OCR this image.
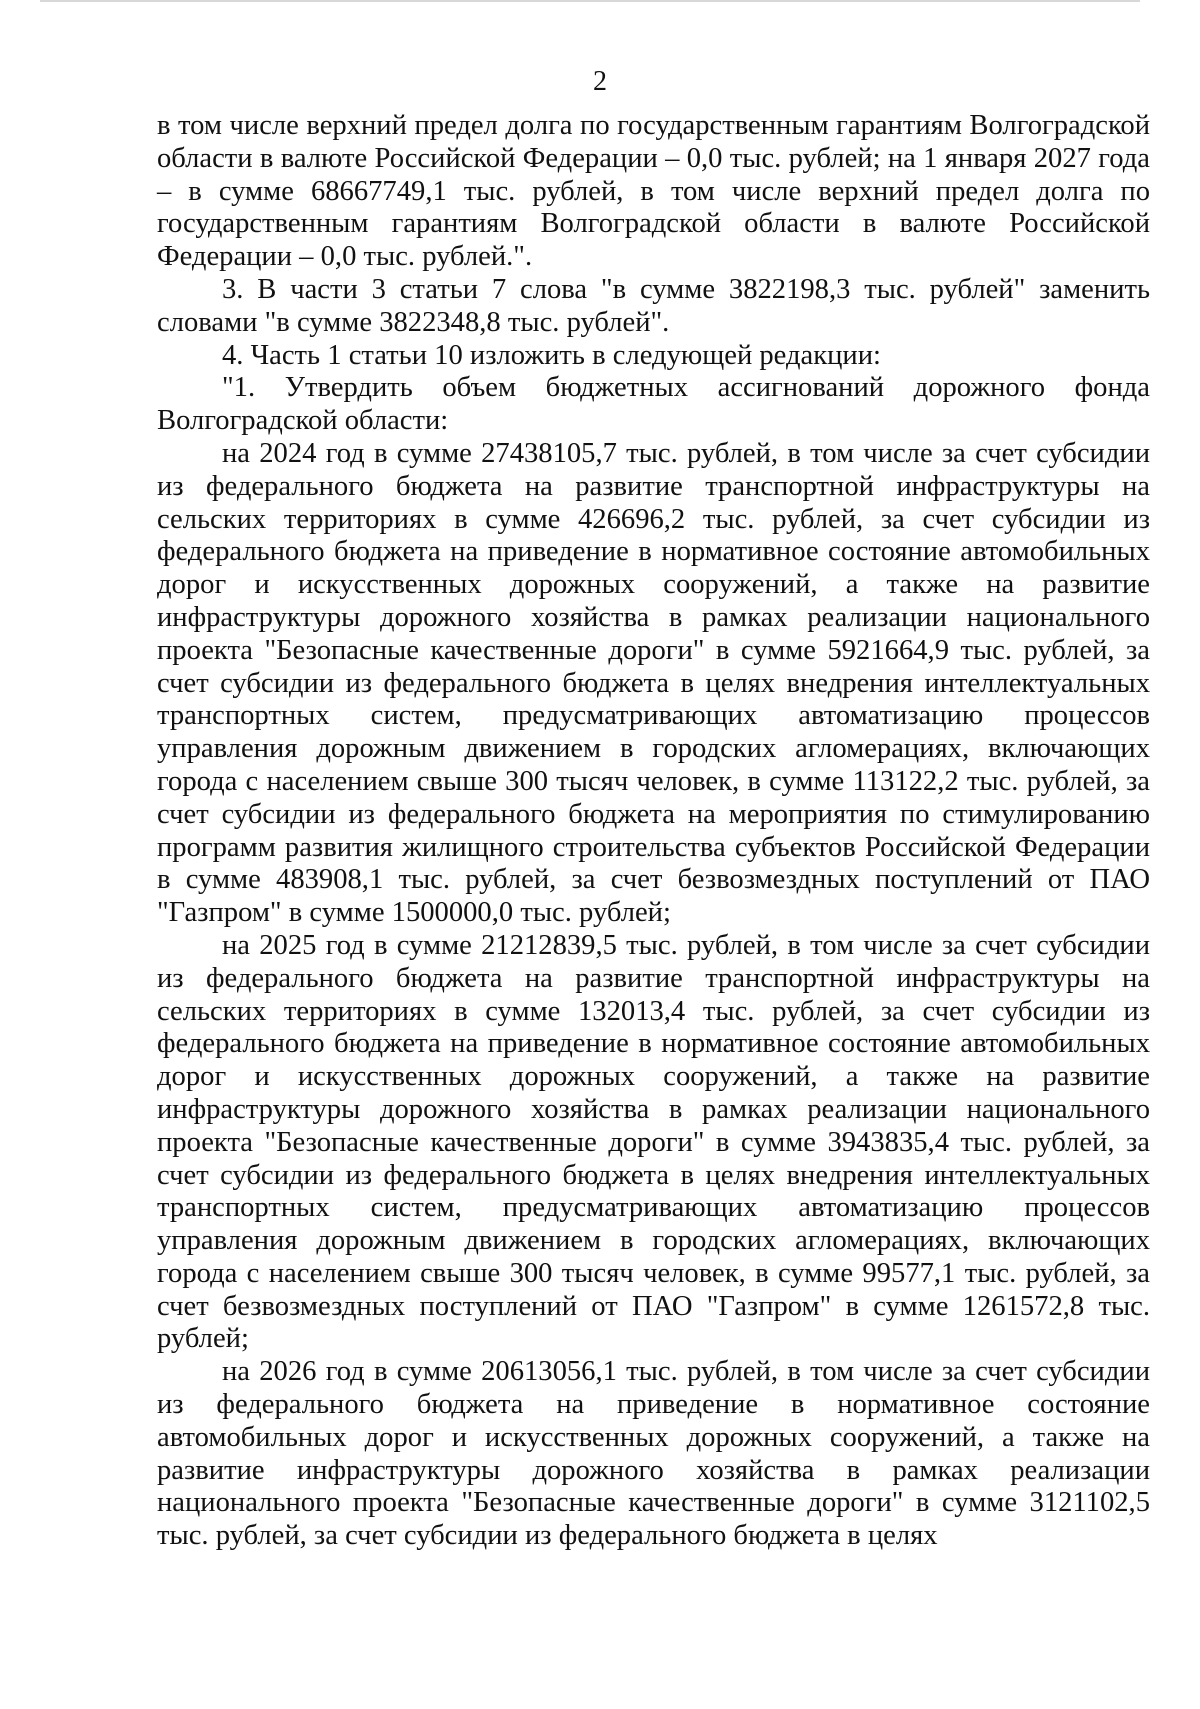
2

в том числе верхний предел долга по государственным гарантиям Волгоградской области в валюте Российской Федерации – 0,0 тыс. рублей; на 1 января 2027 года – в сумме 68667749,1 тыс. рублей, в том числе верхний предел долга по государственным гарантиям Волгоградской области в валюте Российской Федерации – 0,0 тыс. рублей.".

3. В части 3 статьи 7 слова "в сумме 3822198,3 тыс. рублей" заменить словами "в сумме 3822348,8 тыс. рублей".

4. Часть 1 статьи 10 изложить в следующей редакции:

"1. Утвердить объем бюджетных ассигнований дорожного фонда Волгоградской области:

на 2024 год в сумме 27438105,7 тыс. рублей, в том числе за счет субсидии из федерального бюджета на развитие транспортной инфраструктуры на сельских территориях в сумме 426696,2 тыс. рублей, за счет субсидии из федерального бюджета на приведение в нормативное состояние автомобильных дорог и искусственных дорожных сооружений, а также на развитие инфраструктуры дорожного хозяйства в рамках реализации национального проекта "Безопасные качественные дороги" в сумме 5921664,9 тыс. рублей, за счет субсидии из федерального бюджета в целях внедрения интеллектуальных транспортных систем, предусматривающих автоматизацию процессов управления дорожным движением в городских агломерациях, включающих города с населением свыше 300 тысяч человек, в сумме 113122,2 тыс. рублей, за счет субсидии из федерального бюджета на мероприятия по стимулированию программ развития жилищного строительства субъектов Российской Федерации в сумме 483908,1 тыс. рублей, за счет безвозмездных поступлений от ПАО "Газпром" в сумме 1500000,0 тыс. рублей;

на 2025 год в сумме 21212839,5 тыс. рублей, в том числе за счет субсидии из федерального бюджета на развитие транспортной инфраструктуры на сельских территориях в сумме 132013,4 тыс. рублей, за счет субсидии из федерального бюджета на приведение в нормативное состояние автомобильных дорог и искусственных дорожных сооружений, а также на развитие инфраструктуры дорожного хозяйства в рамках реализации национального проекта "Безопасные качественные дороги" в сумме 3943835,4 тыс. рублей, за счет субсидии из федерального бюджета в целях внедрения интеллектуальных транспортных систем, предусматривающих автоматизацию процессов управления дорожным движением в городских агломерациях, включающих города с населением свыше 300 тысяч человек, в сумме 99577,1 тыс. рублей, за счет безвозмездных поступлений от ПАО "Газпром" в сумме 1261572,8 тыс. рублей;

на 2026 год в сумме 20613056,1 тыс. рублей, в том числе за счет субсидии из федерального бюджета на приведение в нормативное состояние автомобильных дорог и искусственных дорожных сооружений, а также на развитие инфраструктуры дорожного хозяйства в рамках реализации национального проекта "Безопасные качественные дороги" в сумме 3121102,5 тыс. рублей, за счет субсидии из федерального бюджета в целях
